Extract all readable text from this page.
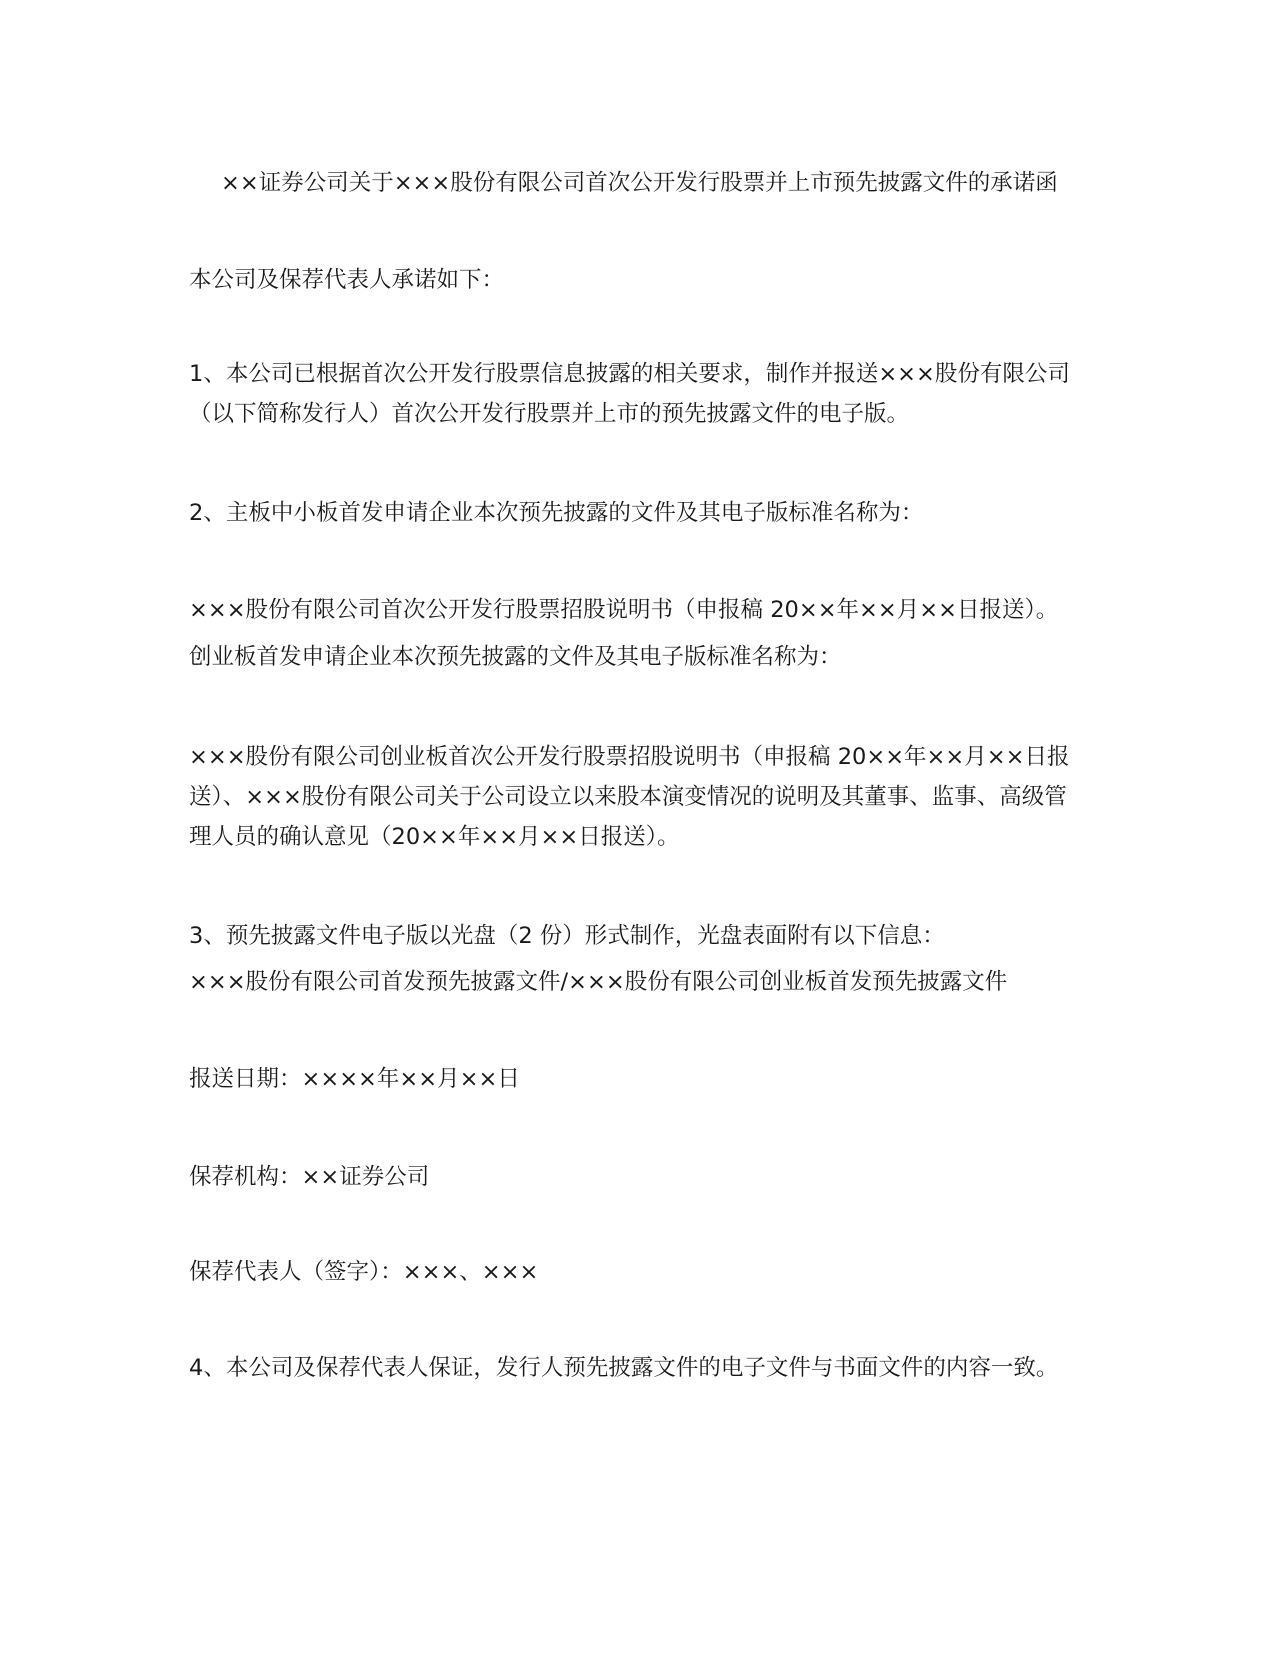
××证券公司关于×××股份有限公司首次公开发行股票并上市预先披露文件的承诺函
本公司及保荐代表人承诺如下：
1、本公司已根据首次公开发行股票信息披露的相关要求，制作并报送×××股份有限公司
（以下简称发行人）首次公开发行股票并上市的预先披露文件的电子版。
2、主板中小板首发申请企业本次预先披露的文件及其电子版标准名称为：
×××股份有限公司首次公开发行股票招股说明书（申报稿 20××年××月××日报送）。
创业板首发申请企业本次预先披露的文件及其电子版标准名称为：
×××股份有限公司创业板首次公开发行股票招股说明书（申报稿 20××年××月××日报
送）、×××股份有限公司关于公司设立以来股本演变情况的说明及其董事、监事、高级管
理人员的确认意见（20××年××月××日报送）。
3、预先披露文件电子版以光盘（2 份）形式制作，光盘表面附有以下信息：
×××股份有限公司首发预先披露文件/×××股份有限公司创业板首发预先披露文件
报送日期：××××年××月××日
保荐机构：××证券公司
保荐代表人（签字）：×××、×××
4、本公司及保荐代表人保证，发行人预先披露文件的电子文件与书面文件的内容一致。
